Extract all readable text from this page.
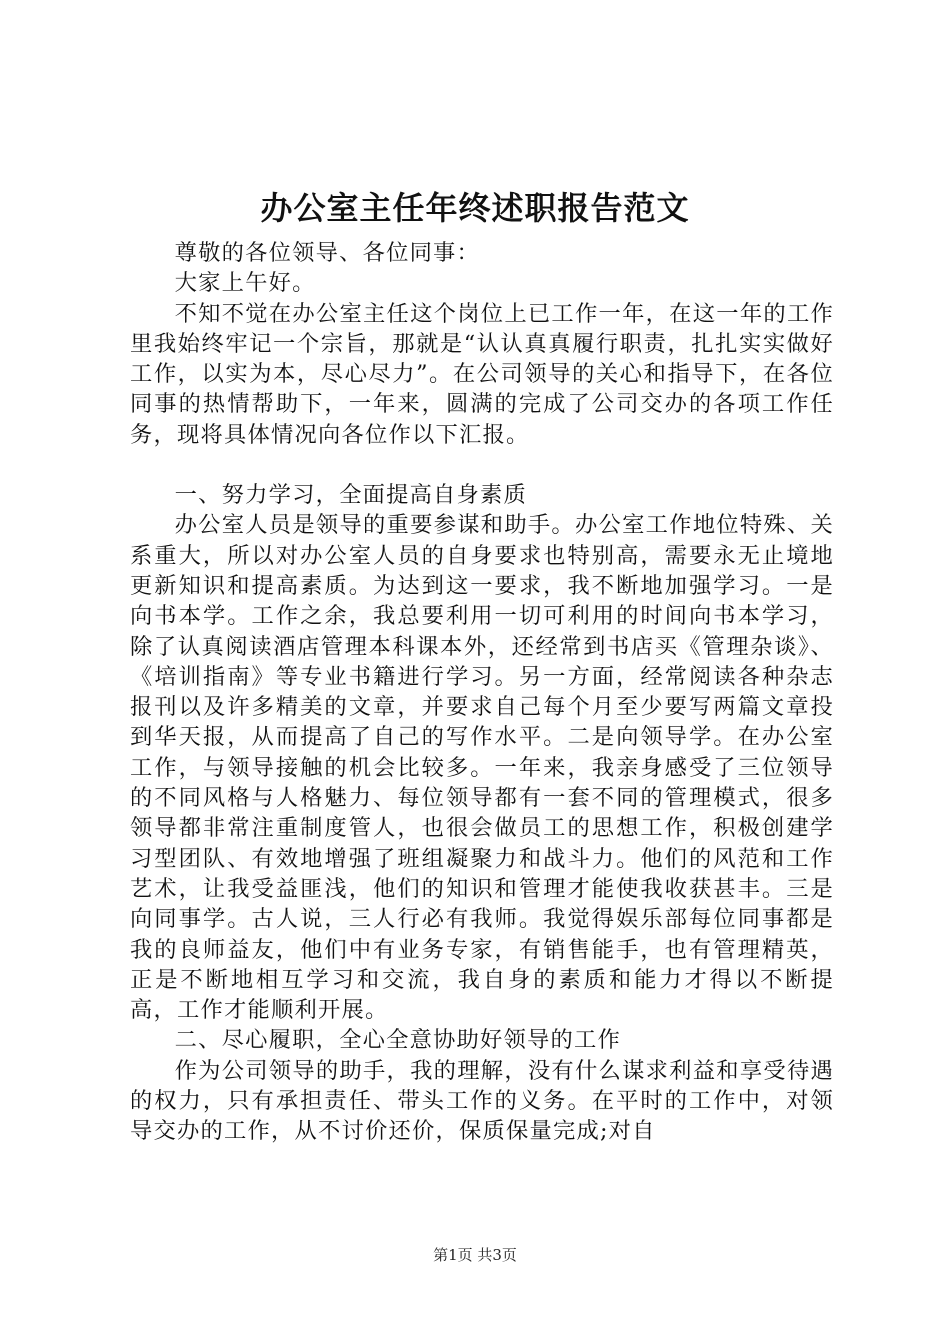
办公室主任年终述职报告范文

尊敬的各位领导、各位同事：

大家上午好。

不知不觉在办公室主任这个岗位上已工作一年，在这一年的工作里我始终牢记一个宗旨，那就是“认认真真履行职责，扎扎实实做好工作，以实为本，尽心尽力”。在公司领导的关心和指导下，在各位同事的热情帮助下，一年来，圆满的完成了公司交办的各项工作任务，现将具体情况向各位作以下汇报。

一、努力学习，全面提高自身素质

办公室人员是领导的重要参谋和助手。办公室工作地位特殊、关系重大，所以对办公室人员的自身要求也特别高，需要永无止境地更新知识和提高素质。为达到这一要求，我不断地加强学习。一是向书本学。工作之余，我总要利用一切可利用的时间向书本学习，除了认真阅读酒店管理本科课本外，还经常到书店买《管理杂谈》、《培训指南》等专业书籍进行学习。另一方面，经常阅读各种杂志报刊以及许多精美的文章，并要求自己每个月至少要写两篇文章投到华天报，从而提高了自己的写作水平。二是向领导学。在办公室工作，与领导接触的机会比较多。一年来，我亲身感受了三位领导的不同风格与人格魅力、每位领导都有一套不同的管理模式，很多领导都非常注重制度管人，也很会做员工的思想工作，积极创建学习型团队、有效地增强了班组凝聚力和战斗力。他们的风范和工作艺术，让我受益匪浅，他们的知识和管理才能使我收获甚丰。三是向同事学。古人说，三人行必有我师。我觉得娱乐部每位同事都是我的良师益友，他们中有业务专家，有销售能手，也有管理精英，正是不断地相互学习和交流，我自身的素质和能力才得以不断提高，工作才能顺利开展。

二、尽心履职，全心全意协助好领导的工作

作为公司领导的助手，我的理解，没有什么谋求利益和享受待遇的权力，只有承担责任、带头工作的义务。在平时的工作中，对领导交办的工作，从不讨价还价，保质保量完成;对自

第1页 共3页
